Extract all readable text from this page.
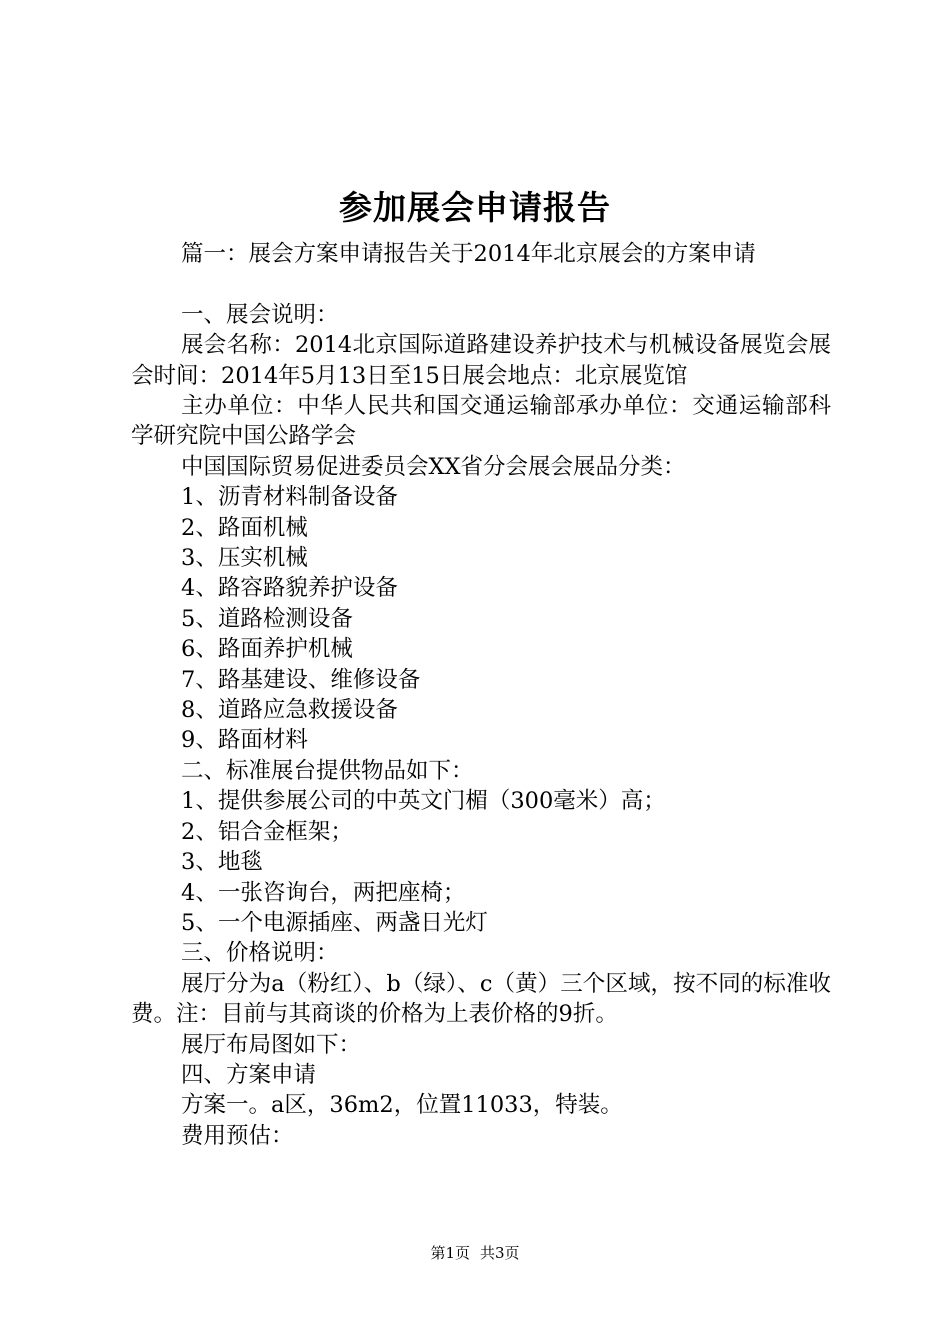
参加展会申请报告

篇一：展会方案申请报告关于2014年北京展会的方案申请

一、展会说明：

展会名称：2014北京国际道路建设养护技术与机械设备展览会展会时间：2014年5月13日至15日展会地点：北京展览馆

主办单位：中华人民共和国交通运输部承办单位：交通运输部科学研究院中国公路学会

中国国际贸易促进委员会XX省分会展会展品分类：

1、沥青材料制备设备

2、路面机械

3、压实机械

4、路容路貌养护设备

5、道路检测设备

6、路面养护机械

7、路基建设、维修设备

8、道路应急救援设备

9、路面材料

二、标准展台提供物品如下：

1、提供参展公司的中英文门楣（300毫米）高；

2、铝合金框架；

3、地毯

4、一张咨询台，两把座椅；

5、一个电源插座、两盏日光灯

三、价格说明：

展厅分为a（粉红）、b（绿）、c（黄）三个区域，按不同的标准收费。注：目前与其商谈的价格为上表价格的9折。

展厅布局图如下：

四、方案申请

方案一。a区，36m2，位置11033，特装。

费用预估：

第1页 共3页
